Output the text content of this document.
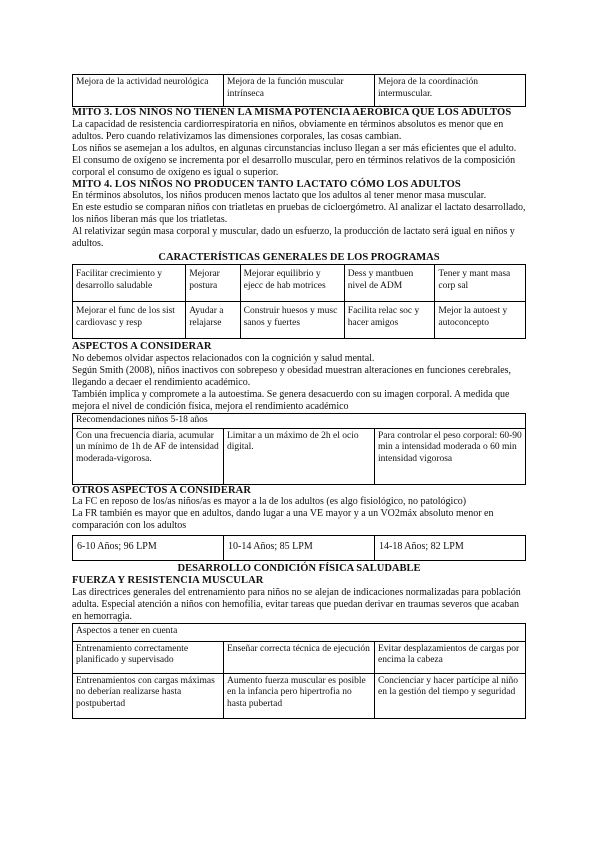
Mejora de la actividad neurológica	Mejora de la función muscular intrínseca	Mejora de la coordinación intermuscular.
MITO 3. LOS NIÑOS NO TIENEN LA MISMA POTENCIA AERÓBICA QUE LOS ADULTOS

La capacidad de resistencia cardiorrespiratoria en niños, obviamente en términos absolutos es menor que en adultos. Pero cuando relativizamos las dimensiones corporales, las cosas cambian.

Los niños se asemejan a los adultos, en algunas circunstancias incluso llegan a ser más eficientes que el adulto.

El consumo de oxígeno se incrementa por el desarrollo muscular, pero en términos relativos de la composición corporal el consumo de oxígeno es igual o superior.

MITO 4. LOS NIÑOS NO PRODUCEN TANTO LACTATO CÓMO LOS ADULTOS

En términos absolutos, los niños producen menos lactato que los adultos al tener menor masa muscular.

En este estudio se comparan niños con triatletas en pruebas de cicloergómetro. Al analizar el lactato desarrollado, los niños liberan más que los triatletas.

Al relativizar según masa corporal y muscular, dado un esfuerzo, la producción de lactato será igual en niños y adultos.

CARACTERÍSTICAS GENERALES DE LOS PROGRAMAS
Facilitar crecimiento y desarrollo saludable	Mejorar postura	Mejorar equilibrio y ejecc de hab motrices	Dess y mantbuen nivel de ADM	Tener y mant masa corp sal
Mejorar el func de los sist cardiovasc y resp	Ayudar a relajarse	Construir huesos y musc sanos y fuertes	Facilita relac soc y hacer amigos	Mejor la autoest y autoconcepto
ASPECTOS A CONSIDERAR

No debemos olvidar aspectos relacionados con la cognición y salud mental.

Según Smith (2008), niños inactivos con sobrepeso y obesidad muestran alteraciones en funciones cerebrales, llegando a decaer el rendimiento académico.

También implica y compromete a la autoestima. Se genera desacuerdo con su imagen corporal. A medida que mejora el nivel de condición física, mejora el rendimiento académico

Recomendaciones niños 5-18 años
Con una frecuencia diaria, acumular un mínimo de 1h de AF de intensidad moderada-vigorosa.	Limitar a un máximo de 2h el ocio digital.	Para controlar el peso corporal: 60-90 min a intensidad moderada o 60 min intensidad vigorosa
OTROS ASPECTOS A CONSIDERAR

La FC en reposo de los/as niños/as es mayor a la de los adultos (es algo fisiológico, no patológico)

La FR también es mayor que en adultos, dando lugar a una VE mayor y a un VO2máx absoluto menor en comparación con los adultos

6-10 Años; 96 LPM	10-14 Años; 85 LPM	14-18 Años; 82 LPM
DESARROLLO CONDICIÓN FÍSICA SALUDABLE
FUERZA Y RESISTENCIA MUSCULAR

Las directrices generales del entrenamiento para niños no se alejan de indicaciones normalizadas para población adulta. Especial atención a niños con hemofilia, evitar tareas que puedan derivar en traumas severos que acaban en hemorragia.

Aspectos a tener en cuenta		
Entrenamiento correctamente planificado y supervisado	Enseñar correcta técnica de ejecución	Evitar desplazamientos de cargas por encima la cabeza
Entrenamientos con cargas máximas no deberían realizarse hasta postpubertad	Aumento fuerza muscular es posible en la infancia pero hipertrofia no hasta pubertad	Concienciar y hacer partícipe al niño en la gestión del tiempo y seguridad
